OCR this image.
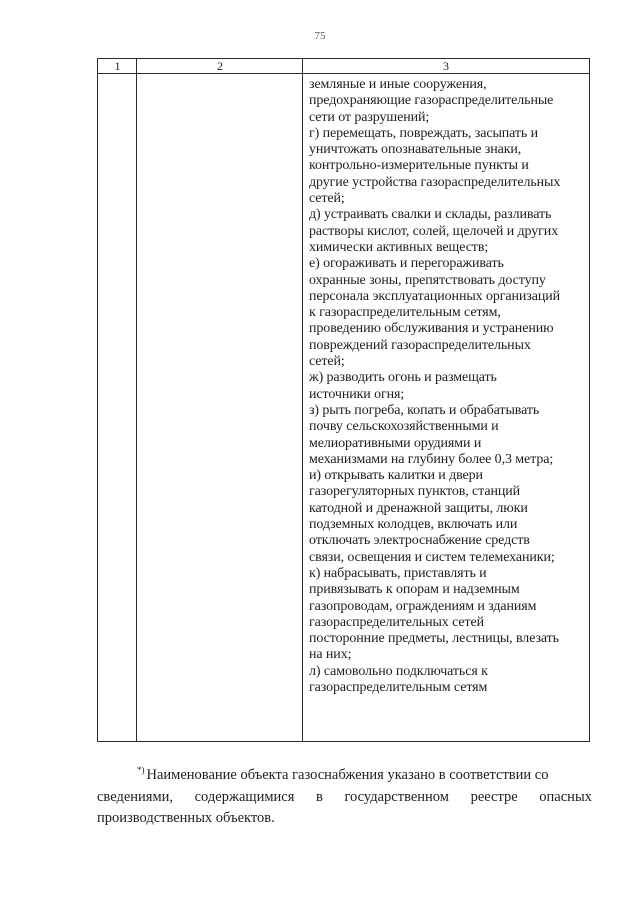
75
1	2	3
земляные и иные сооружения,
предохраняющие газораспределительные
сети от разрушений;
г) перемещать, повреждать, засыпать и
уничтожать опознавательные знаки,
контрольно-измерительные пункты и
другие устройства газораспределительных
сетей;
д) устраивать свалки и склады, разливать
растворы кислот, солей, щелочей и других
химически активных веществ;
е) огораживать и перегораживать
охранные зоны, препятствовать доступу
персонала эксплуатационных организаций
к газораспределительным сетям,
проведению обслуживания и устранению
повреждений газораспределительных
сетей;
ж) разводить огонь и размещать
источники огня;
з) рыть погреба, копать и обрабатывать
почву сельскохозяйственными и
мелиоративными орудиями и
механизмами на глубину более 0,3 метра;
и) открывать калитки и двери
газорегуляторных пунктов, станций
катодной и дренажной защиты, люки
подземных колодцев, включать или
отключать электроснабжение средств
связи, освещения и систем телемеханики;
к) набрасывать, приставлять и
привязывать к опорам и надземным
газопроводам, ограждениям и зданиям
газораспределительных сетей
посторонние предметы, лестницы, влезать
на них;
л) самовольно подключаться к
газораспределительным сетям
*) Наименование объекта газоснабжения указано в соответствии со
сведениями, содержащимися в государственном реестре опасных
производственных объектов.
